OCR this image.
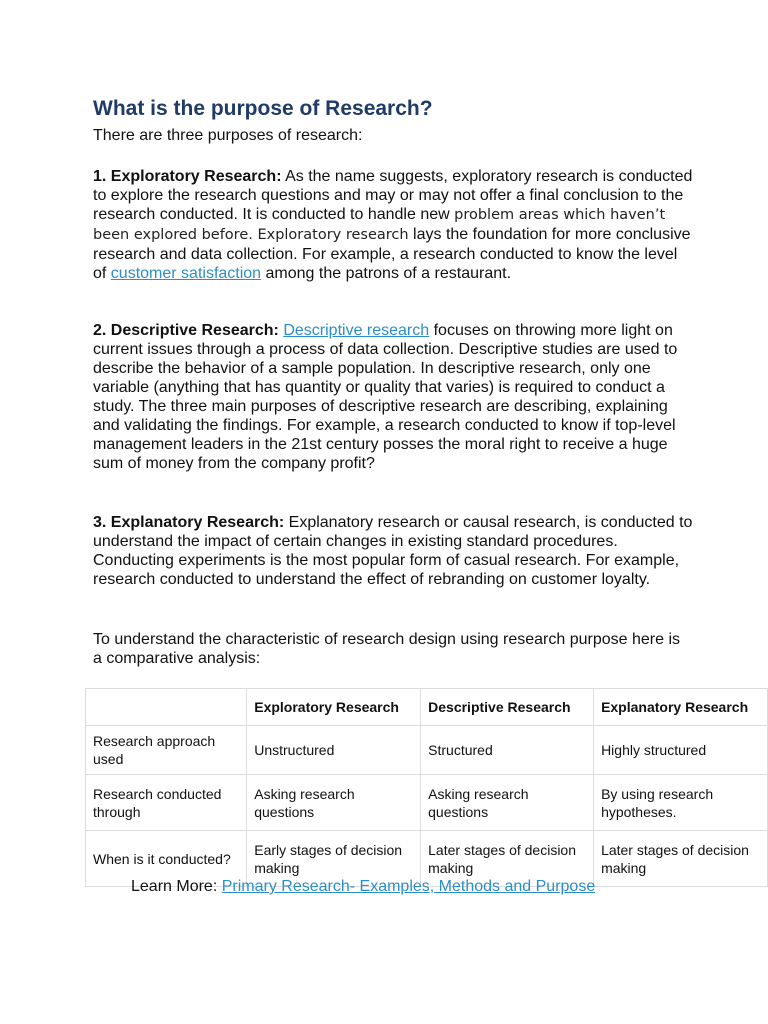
What is the purpose of Research?

There are three purposes of research:

1. Exploratory Research: As the name suggests, exploratory research is conducted to explore the research questions and may or may not offer a final conclusion to the research conducted. It is conducted to handle new problem areas which haven’t been explored before. Exploratory research lays the foundation for more conclusive research and data collection. For example, a research conducted to know the level of customer satisfaction among the patrons of a restaurant.

2. Descriptive Research: Descriptive research focuses on throwing more light on current issues through a process of data collection. Descriptive studies are used to describe the behavior of a sample population. In descriptive research, only one variable (anything that has quantity or quality that varies) is required to conduct a study. The three main purposes of descriptive research are describing, explaining and validating the findings. For example, a research conducted to know if top-level management leaders in the 21st century posses the moral right to receive a huge sum of money from the company profit?

3. Explanatory Research: Explanatory research or causal research, is conducted to understand the impact of certain changes in existing standard procedures. Conducting experiments is the most popular form of casual research. For example, research conducted to understand the effect of rebranding on customer loyalty.

To understand the characteristic of research design using research purpose here is a comparative analysis:

	Exploratory Research	Descriptive Research	Explanatory Research
Research approach used	Unstructured	Structured	Highly structured
Research conducted through	Asking research questions	Asking research questions	By using research hypotheses.
When is it conducted?	Early stages of decision making	Later stages of decision making	Later stages of decision making
Learn More: Primary Research- Examples, Methods and Purpose
